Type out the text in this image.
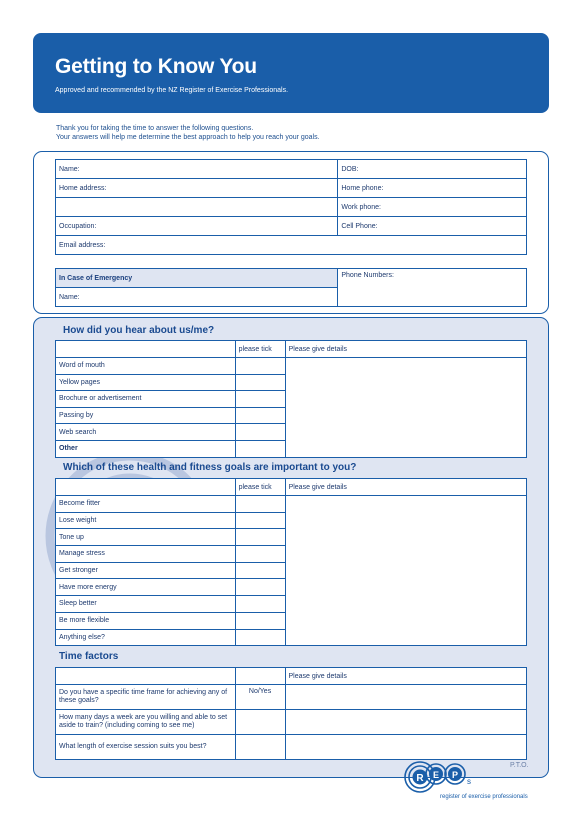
Getting to Know You
Approved and recommended by the NZ Register of Exercise Professionals.
Thank you for taking the time to answer the following questions.
Your answers will help me determine the best approach to help you reach your goals.
Name:	DOB:
Home address:	Home phone:
	Work phone:
Occupation:	Cell Phone:
Email address:	
In Case of Emergency	Phone Numbers:
Name:
How did you hear about us/me?
	please tick	Please give details
Word of mouth		
Yellow pages		
Brochure or advertisement		
Passing by		
Web search		
Other		
Which of these health and fitness goals are important to you?
	please tick	Please give details
Become fitter		
Lose weight		
Tone up		
Manage stress		
Get stronger		
Have more energy		
Sleep better		
Be more flexible		
Anything else?		
Time factors
		Please give details
Do you have a specific time frame for achieving any of these goals?	No/Yes	
How many days a week are you willing and able to set aside to train? (including coming to see me)		
What length of exercise session suits you best?		
P.T.O.
R E P
s
register of exercise professionals
